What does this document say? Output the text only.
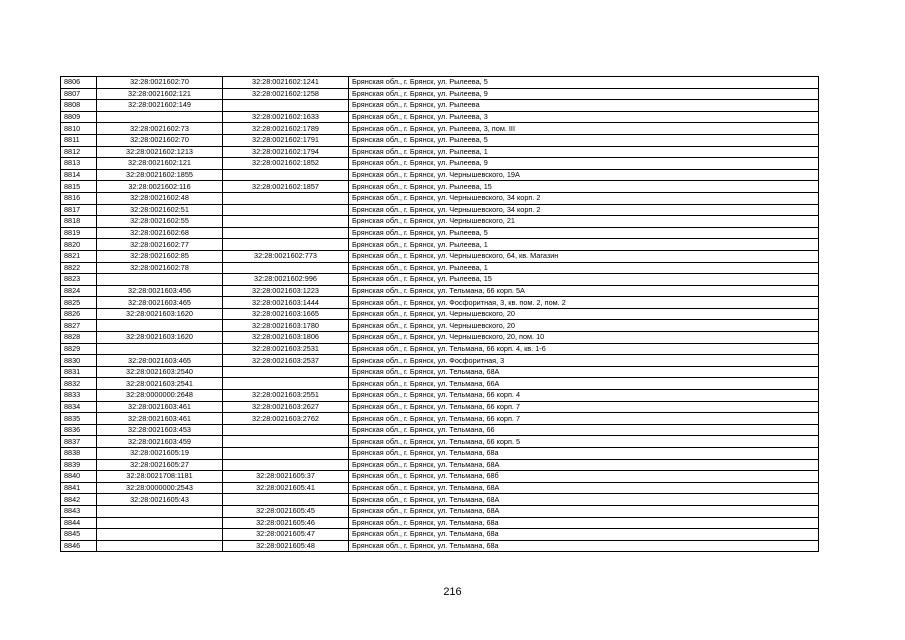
8806	32:28:0021602:70	32:28:0021602:1241	Брянская обл., г. Брянск, ул. Рылеева, 5
8807	32:28:0021602:121	32:28:0021602:1258	Брянская обл., г. Брянск, ул. Рылеева, 9
8808	32:28:0021602:149		Брянская обл., г. Брянск, ул. Рылеева
8809		32:28:0021602:1633	Брянская обл., г. Брянск, ул. Рылеева, 3
8810	32:28:0021602:73	32:28:0021602:1789	Брянская обл., г. Брянск, ул. Рылеева, 3, пом. III
8811	32:28:0021602:70	32:28:0021602:1791	Брянская обл., г. Брянск, ул. Рылеева, 5
8812	32:28:0021602:1213	32:28:0021602:1794	Брянская обл., г. Брянск, ул. Рылеева, 1
8813	32:28:0021602:121	32:28:0021602:1852	Брянская обл., г. Брянск, ул. Рылеева, 9
8814	32:28:0021602:1855		Брянская обл., г. Брянск, ул. Чернышевского, 19А
8815	32:28:0021602:116	32:28:0021602:1857	Брянская обл., г. Брянск, ул. Рылеева, 15
8816	32:28:0021602:48		Брянская обл., г. Брянск, ул. Чернышевского, 34 корп. 2
8817	32:28:0021602:51		Брянская обл., г. Брянск, ул. Чернышевского, 34 корп. 2
8818	32:28:0021602:55		Брянская обл., г. Брянск, ул. Чернышевского, 21
8819	32:28:0021602:68		Брянская обл., г. Брянск, ул. Рылеева, 5
8820	32:28:0021602:77		Брянская обл., г. Брянск, ул. Рылеева, 1
8821	32:28:0021602:85	32:28:0021602:773	Брянская обл., г. Брянск, ул. Чернышевского, 64, кв. Магазин
8822	32:28:0021602:78		Брянская обл., г. Брянск, ул. Рылеева, 1
8823		32:28:0021602:996	Брянская обл., г. Брянск, ул. Рылеева, 15
8824	32:28:0021603:456	32:28:0021603:1223	Брянская обл., г. Брянск, ул. Тельмана, 66 корп. 5А
8825	32:28:0021603:465	32:28:0021603:1444	Брянская обл., г. Брянск, ул. Фосфоритная, 3, кв. пом. 2, пом. 2
8826	32:28:0021603:1620	32:28:0021603:1665	Брянская обл., г. Брянск, ул. Чернышевского, 20
8827		32:28:0021603:1780	Брянская обл., г. Брянск, ул. Чернышевского, 20
8828	32:28:0021603:1620	32:28:0021603:1806	Брянская обл., г. Брянск, ул. Чернышевского, 20, пом. 10
8829		32:28:0021603:2531	Брянская обл., г. Брянск, ул. Тельмана, 66 корп. 4, кв. 1-6
8830	32:28:0021603:465	32:28:0021603:2537	Брянская обл., г. Брянск, ул. Фосфоритная, 3
8831	32:28:0021603:2540		Брянская обл., г. Брянск, ул. Тельмана, 68А
8832	32:28:0021603:2541		Брянская обл., г. Брянск, ул. Тельмана, 66А
8833	32:28:0000000:2648	32:28:0021603:2551	Брянская обл., г. Брянск, ул. Тельмана, 66 корп. 4
8834	32:28:0021603:461	32:28:0021603:2627	Брянская обл., г. Брянск, ул. Тельмана, 66 корп. 7
8835	32:28:0021603:461	32:28:0021603:2762	Брянская обл., г. Брянск, ул. Тельмана, 66 корп. 7
8836	32:28:0021603:453		Брянская обл., г. Брянск, ул. Тельмана, 66
8837	32:28:0021603:459		Брянская обл., г. Брянск, ул. Тельмана, 66 корп. 5
8838	32:28:0021605:19		Брянская обл., г. Брянск, ул. Тельмана, 68а
8839	32:28:0021605:27		Брянская обл., г. Брянск, ул. Тельмана, 68А
8840	32:28:0021708:1181	32:28:0021605:37	Брянская обл., г. Брянск, ул. Тельмана, 68б
8841	32:28:0000000:2543	32:28:0021605:41	Брянская обл., г. Брянск, ул. Тельмана, 68А
8842	32:28:0021605:43		Брянская обл., г. Брянск, ул. Тельмана, 68А
8843		32:28:0021605:45	Брянская обл., г. Брянск, ул. Тельмана, 68А
8844		32:28:0021605:46	Брянская обл., г. Брянск, ул. Тельмана, 68а
8845		32:28:0021605:47	Брянская обл., г. Брянск, ул. Тельмана, 68а
8846		32:28:0021605:48	Брянская обл., г. Брянск, ул. Тельмана, 68а
216
